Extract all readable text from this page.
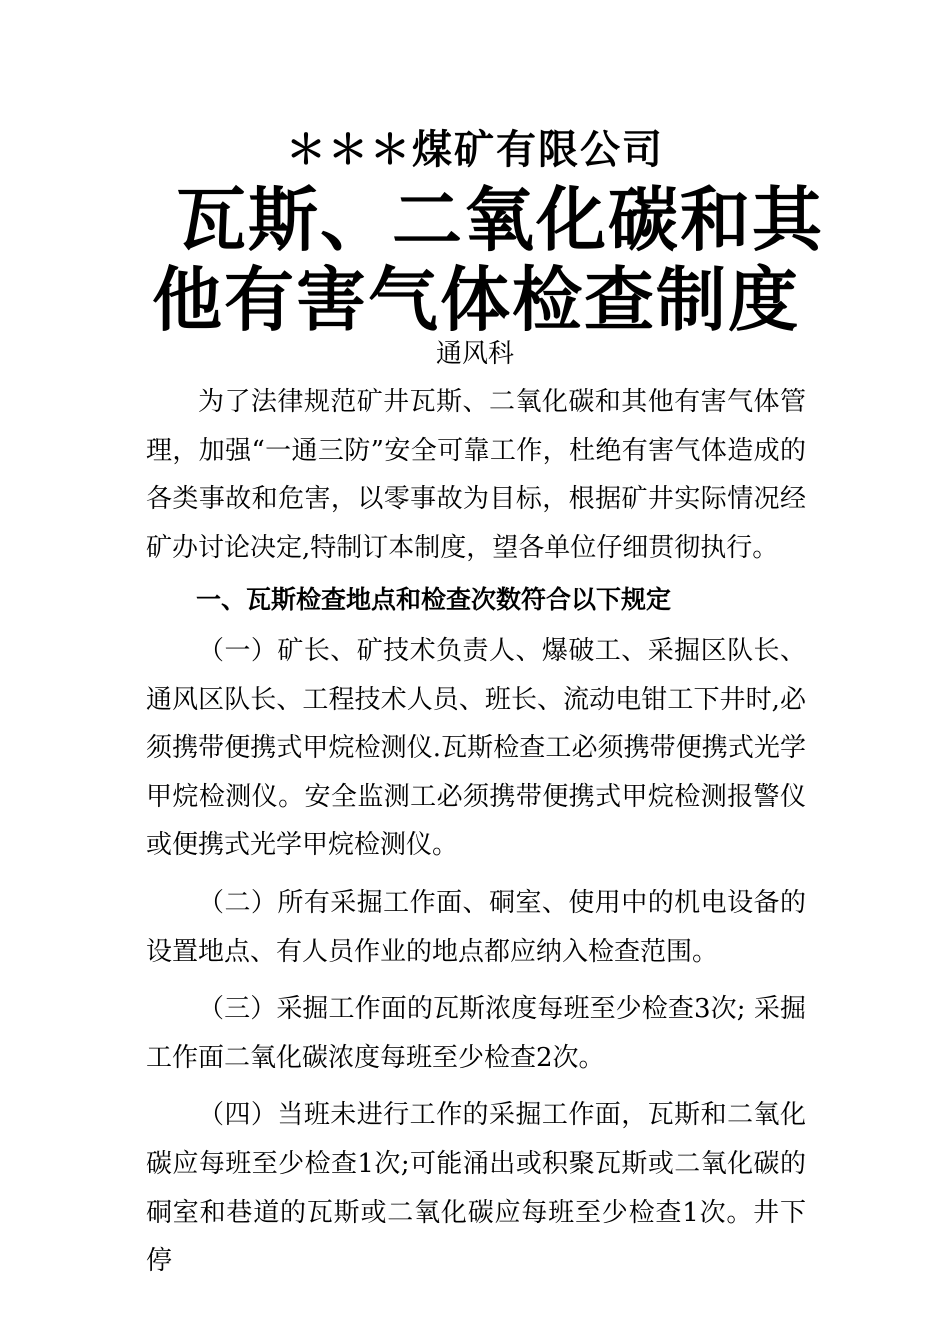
＊＊＊煤矿有限公司
瓦斯、二氧化碳和其
他有害气体检查制度
通风科

为了法律规范矿井瓦斯、二氧化碳和其他有害气体管理，加强“一通三防”安全可靠工作，杜绝有害气体造成的各类事故和危害，以零事故为目标，根据矿井实际情况经矿办讨论决定,特制订本制度，望各单位仔细贯彻执行。

一、瓦斯检查地点和检查次数符合以下规定

（一）矿长、矿技术负责人、爆破工、采掘区队长、通风区队长、工程技术人员、班长、流动电钳工下井时,必须携带便携式甲烷检测仪.瓦斯检查工必须携带便携式光学甲烷检测仪。安全监测工必须携带便携式甲烷检测报警仪或便携式光学甲烷检测仪。

（二）所有采掘工作面、硐室、使用中的机电设备的设置地点、有人员作业的地点都应纳入检查范围。

（三）采掘工作面的瓦斯浓度每班至少检查3次; 采掘工作面二氧化碳浓度每班至少检查2次。

（四）当班未进行工作的采掘工作面，瓦斯和二氧化碳应每班至少检查1次;可能涌出或积聚瓦斯或二氧化碳的硐室和巷道的瓦斯或二氧化碳应每班至少检查1次。井下停
